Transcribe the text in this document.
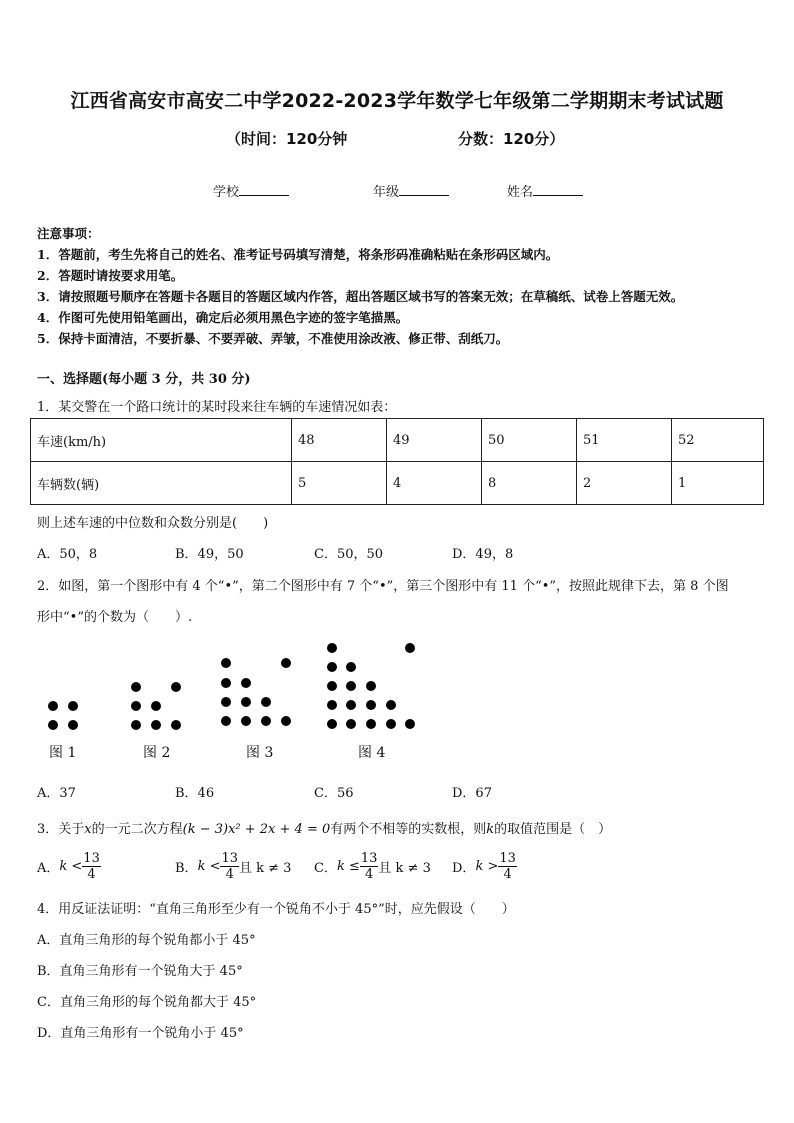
江西省高安市高安二中学2022-2023学年数学七年级第二学期期末考试试题
（时间：120分钟	分数：120分）
学校	年级	姓名
注意事项：
1．答题前，考生先将自己的姓名、准考证号码填写清楚，将条形码准确粘贴在条形码区域内。
2．答题时请按要求用笔。
3．请按照题号顺序在答题卡各题目的答题区域内作答，超出答题区域书写的答案无效；在草稿纸、试卷上答题无效。
4．作图可先使用铅笔画出，确定后必须用黑色字迹的签字笔描黑。
5．保持卡面清洁，不要折暴、不要弄破、弄皱，不准使用涂改液、修正带、刮纸刀。
一、选择题(每小题 3 分，共 30 分)
1．某交警在一个路口统计的某时段来往车辆的车速情况如表：
车速(km/h)	48	49	50	51	52
车辆数(辆)	5	4	8	2	1
则上述车速的中位数和众数分别是(　　)
A．50，8	B．49，50	C．50，50	D．49，8
2．如图，第一个图形中有 4 个“•”，第二个图形中有 7 个“•”，第三个图形中有 11 个“•”，按照此规律下去，第 8 个图
形中“•”的个数为（　　）.
图 1	图 2	图 3	图 4
A．37	B．46	C．56	D．67
3．关于x的一元二次方程(k − 3)x² + 2x + 4 = 0有两个不相等的实数根，则k的取值范围是（　）
A．$k < \frac{13}{4}$	B．$k < \frac{13}{4}$ 且 k ≠ 3 C．$k \le \frac{13}{4}$ 且 k ≠ 3 D．$k > \frac{13}{4}$
4．用反证法证明：“直角三角形至少有一个锐角不小于 45°”时，应先假设（　　）
A．直角三角形的每个锐角都小于 45°
B．直角三角形有一个锐角大于 45°
C．直角三角形的每个锐角都大于 45°
D．直角三角形有一个锐角小于 45°
